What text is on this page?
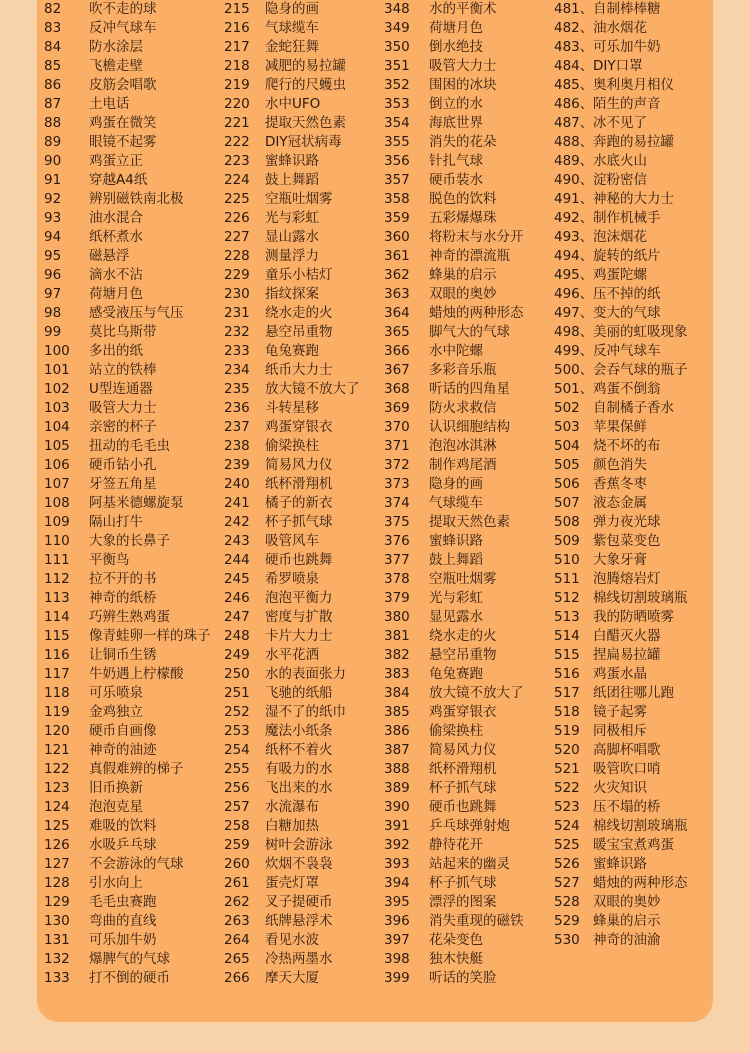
82 吹不走的球
83 反冲气球车
84 防水涂层
85 飞檐走壁
86 皮筋会唱歌
87 土电话
88 鸡蛋在微笑
89 眼镜不起雾
90 鸡蛋立正
91 穿越A4纸
92 辨别磁铁南北极
93 油水混合
94 纸杯煮水
95 磁悬浮
96 滴水不沾
97 荷塘月色
98 感受液压与气压
99 莫比乌斯带
100 多出的纸
101 站立的铁棒
102 U型连通器
103 吸管大力士
104 亲密的杯子
105 扭动的毛毛虫
106 硬币钻小孔
107 牙签五角星
108 阿基米德螺旋泵
109 隔山打牛
110 大象的长鼻子
111 平衡鸟
112 拉不开的书
113 神奇的纸桥
114 巧辨生熟鸡蛋
115 像青蛙卵一样的珠子
116 让铜币生锈
117 牛奶遇上柠檬酸
118 可乐喷泉
119 金鸡独立
120 硬币自画像
121 神奇的油迹
122 真假难辨的梯子
123 旧币换新
124 泡泡克星
125 难吸的饮料
126 水吸乒乓球
127 不会游泳的气球
128 引水向上
129 毛毛虫赛跑
130 弯曲的直线
131 可乐加牛奶
132 爆脾气的气球
133 打不倒的硬币
215 隐身的画
216 气球缆车
217 金蛇狂舞
218 减肥的易拉罐
219 爬行的尺蠖虫
220 水中UFO
221 提取天然色素
222 DIY冠状病毒
223 蜜蜂识路
224 鼓上舞蹈
225 空瓶吐烟雾
226 光与彩虹
227 显山露水
228 测量浮力
229 童乐小桔灯
230 指纹探案
231 绕水走的火
232 悬空吊重物
233 龟兔赛跑
234 纸币大力士
235 放大镜不放大了
236 斗转星移
237 鸡蛋穿银衣
238 偷梁换柱
239 简易风力仪
240 纸杯滑翔机
241 橘子的新衣
242 杯子抓气球
243 吸管风车
244 硬币也跳舞
245 希罗喷泉
246 泡泡平衡力
247 密度与扩散
248 卡片大力士
249 水平花洒
250 水的表面张力
251 飞驰的纸船
252 湿不了的纸巾
253 魔法小纸条
254 纸杯不着火
255 有吸力的水
256 飞出来的水
257 水流瀑布
258 白糖加热
259 树叶会游泳
260 炊烟不袅袅
261 蛋壳灯罩
262 叉子提硬币
263 纸牌悬浮术
264 看见水波
265 冷热两墨水
266 摩天大厦
348 水的平衡术
349 荷塘月色
350 倒水绝技
351 吸管大力士
352 围困的冰块
353 倒立的水
354 海底世界
355 消失的花朵
356 针扎气球
357 硬币装水
358 脱色的饮料
359 五彩爆爆珠
360 将粉末与水分开
361 神奇的漂流瓶
362 蜂巢的启示
363 双眼的奥妙
364 蜡烛的两种形态
365 脚气大的气球
366 水中陀螺
367 多彩音乐瓶
368 听话的四角星
369 防火求救信
370 认识细胞结构
371 泡泡冰淇淋
372 制作鸡尾酒
373 隐身的画
374 气球缆车
375 提取天然色素
376 蜜蜂识路
377 鼓上舞蹈
378 空瓶吐烟雾
379 光与彩虹
380 显见露水
381 绕水走的火
382 悬空吊重物
383 龟兔赛跑
384 放大镜不放大了
385 鸡蛋穿银衣
386 偷梁换柱
387 简易风力仪
388 纸杯滑翔机
389 杯子抓气球
390 硬币也跳舞
391 乒乓球弹射炮
392 静待花开
393 站起来的幽灵
394 杯子抓气球
395 漂浮的图案
396 消失重现的磁铁
397 花朵变色
398 独木快艇
399 听话的笑脸
481、 自制棒棒糖
482、 油水烟花
483、 可乐加牛奶
484、 DIY口罩
485、 奥利奥月相仪
486、 陌生的声音
487、 冰不见了
488、 奔跑的易拉罐
489、 水底火山
490、 淀粉密信
491、 神秘的大力士
492、 制作机械手
493、 泡沫烟花
494、 旋转的纸片
495、 鸡蛋陀螺
496、 压不掉的纸
497、 变大的气球
498、 美丽的虹吸现象
499、 反冲气球车
500、 会吞气球的瓶子
501、 鸡蛋不倒翁
502 自制橘子香水
503 苹果保鲜
504 烧不坏的布
505 颜色消失
506 香蕉冬枣
507 液态金属
508 弹力夜光球
509 紫包菜变色
510 大象牙膏
511 泡腾熔岩灯
512 棉线切割玻璃瓶
513 我的防晒喷雾
514 白醋灭火器
515 捏扁易拉罐
516 鸡蛋水晶
517 纸团往哪儿跑
518 镜子起雾
519 同极相斥
520 高脚杯唱歌
521 吸管吹口哨
522 火灾知识
523 压不塌的桥
524 棉线切割玻璃瓶
525 暖宝宝煮鸡蛋
526 蜜蜂识路
527 蜡烛的两种形态
528 双眼的奥妙
529 蜂巢的启示
530 神奇的油渝
